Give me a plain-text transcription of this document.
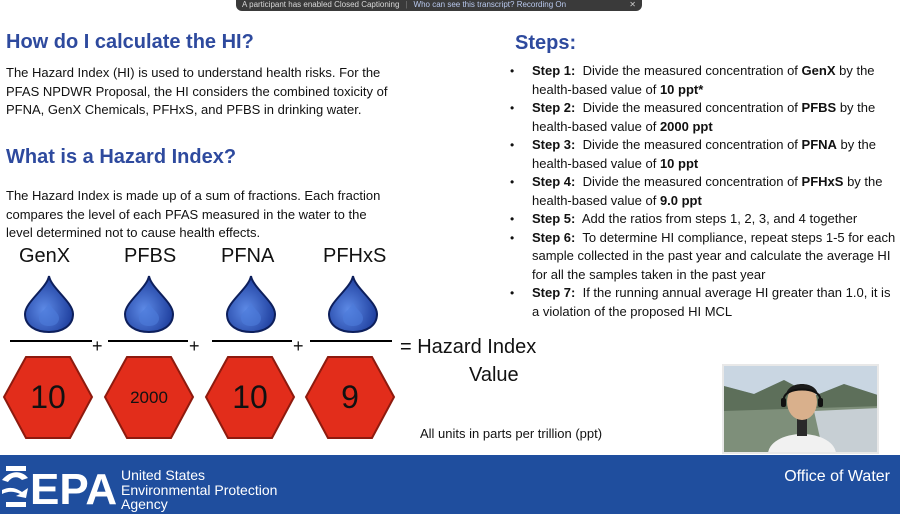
A participant has enabled Closed Captioning | Who can see this transcript? Recording On	✕
How do I calculate the HI?

The Hazard Index (HI) is used to understand health risks. For the PFAS NPDWR Proposal, the HI considers the combined toxicity of PFNA, GenX Chemicals, PFHxS, and PFBS in drinking water.

What is a Hazard Index?

The Hazard Index is made up of a sum of fractions. Each fraction compares the level of each PFAS measured in the water to the level determined not to cause health effects.

GenX	PFBS PFNA PFHxS
+	+	+
10	2000	10	9
= Hazard Index
Value
All units in parts per trillion (ppt)
Steps:
• Step 1: Divide the measured concentration of GenX by the health-based value of 10 ppt*
• Step 2: Divide the measured concentration of PFBS by the health-based value of 2000 ppt
• Step 3: Divide the measured concentration of PFNA by the health-based value of 10 ppt
• Step 4: Divide the measured concentration of PFHxS by the health-based value of 9.0 ppt
• Step 5: Add the ratios from steps 1, 2, 3, and 4 together
• Step 6: To determine HI compliance, repeat steps 1-5 for each sample collected in the past year and calculate the average HI for all the samples taken in the past year
• Step 7: If the running annual average HI greater than 1.0, it is a violation of the proposed HI MCL
EPA United States
Environmental Protection
Agency
Office of Water
